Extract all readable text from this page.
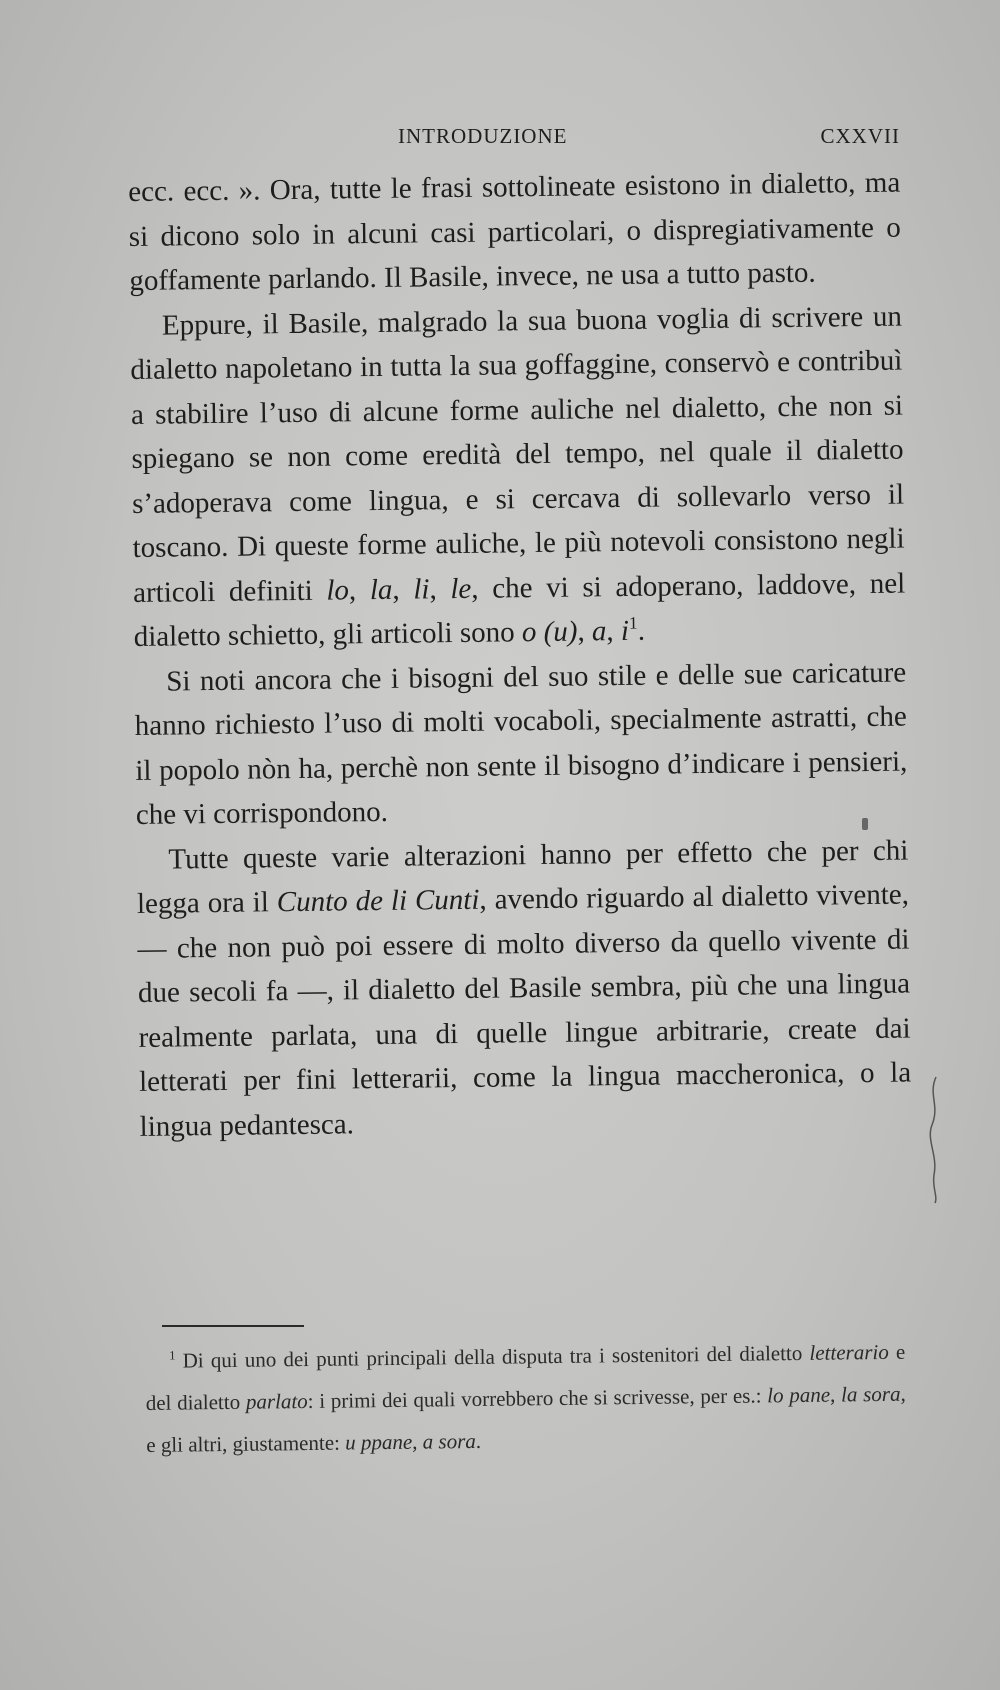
INTRODUZIONE	CXXVII

ecc. ecc. ». Ora, tutte le frasi sottolineate esistono in dialetto, ma si dicono solo in alcuni casi particolari, o dispregiativamente o goffamente parlando. Il Basile, invece, ne usa a tutto pasto.

Eppure, il Basile, malgrado la sua buona voglia di scrivere un dialetto napoletano in tutta la sua goffaggine, conservò e contribuì a stabilire l’uso di alcune forme auliche nel dialetto, che non si spiegano se non come eredità del tempo, nel quale il dialetto s’adoperava come lingua, e si cercava di sollevarlo verso il toscano. Di queste forme auliche, le più notevoli consistono negli articoli definiti lo, la, li, le, che vi si adoperano, laddove, nel dialetto schietto, gli articoli sono o (u), a, $i^1$.

Si noti ancora che i bisogni del suo stile e delle sue caricature hanno richiesto l’uso di molti vocaboli, specialmente astratti, che il popolo nòn ha, perchè non sente il bisogno d’indicare i pensieri, che vi corrispondono.

Tutte queste varie alterazioni hanno per effetto che per chi legga ora il Cunto de li Cunti, avendo riguardo al dialetto vivente, — che non può poi essere di molto diverso da quello vivente di due secoli fa —, il dialetto del Basile sembra, più che una lingua realmente parlata, una di quelle lingue arbitrarie, create dai letterati per fini letterarii, come la lingua maccheronica, o la lingua pedantesca.

$^1$ Di qui uno dei punti principali della disputa tra i sostenitori del dialetto letterario e del dialetto parlato: i primi dei quali vorrebbero che si scrivesse, per es.: lo pane, la sora, e gli altri, giustamente: u ppane, a sora.
